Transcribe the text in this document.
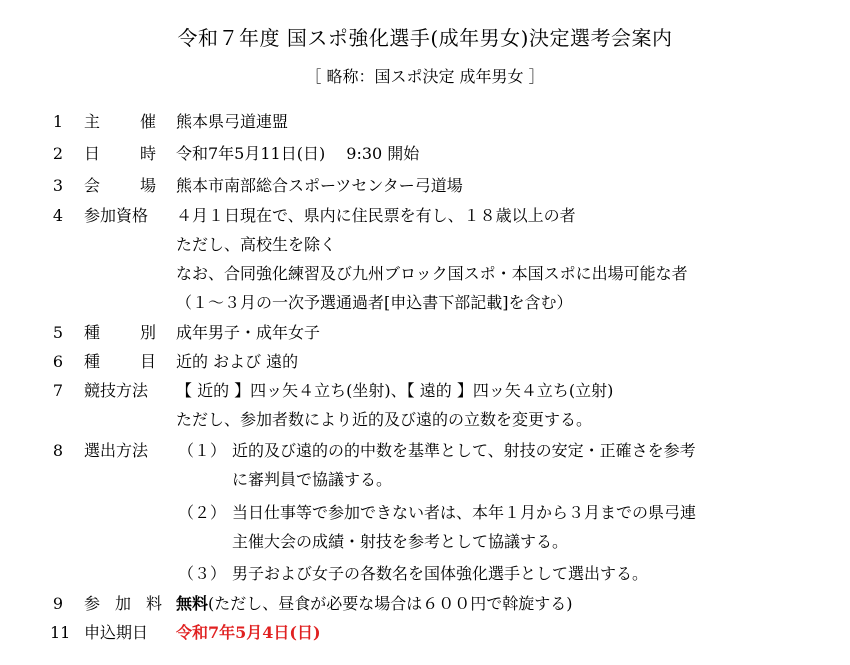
令和７年度 国スポ強化選手(成年男女)決定選考会案内
［ 略称：国スポ決定 成年男女 ］
1 主 催 熊本県弓道連盟
2 日 時 令和7年5月11日(日)　 9:30 開始
3 会 場 熊本市南部総合スポーツセンター弓道場
4 参加資格	４月１日現在で、県内に住民票を有し、１８歳以上の者
ただし、高校生を除く
なお、合同強化練習及び九州ブロック国スポ・本国スポに出場可能な者
（１～３月の一次予選通過者[申込書下部記載]を含む）
5 種 別 成年男子・成年女子
6 種 目 近的 および 遠的
7 競技方法	【 近的 】四ッ矢４立ち(坐射)、【 遠的 】四ッ矢４立ち(立射)
ただし、参加者数により近的及び遠的の立数を変更する。
8 選出方法	（１） 近的及び遠的の的中数を基準として、射技の安定・正確さを参考
に審判員で協議する。
（２） 当日仕事等で参加できない者は、本年１月から３月までの県弓連
主催大会の成績・射技を参考として協議する。
（３） 男子および女子の各数名を国体強化選手として選出する。
9 参 加 料 無料(ただし、昼食が必要な場合は６００円で斡旋する)
11 申込期日	令和7年5月4日(日)
